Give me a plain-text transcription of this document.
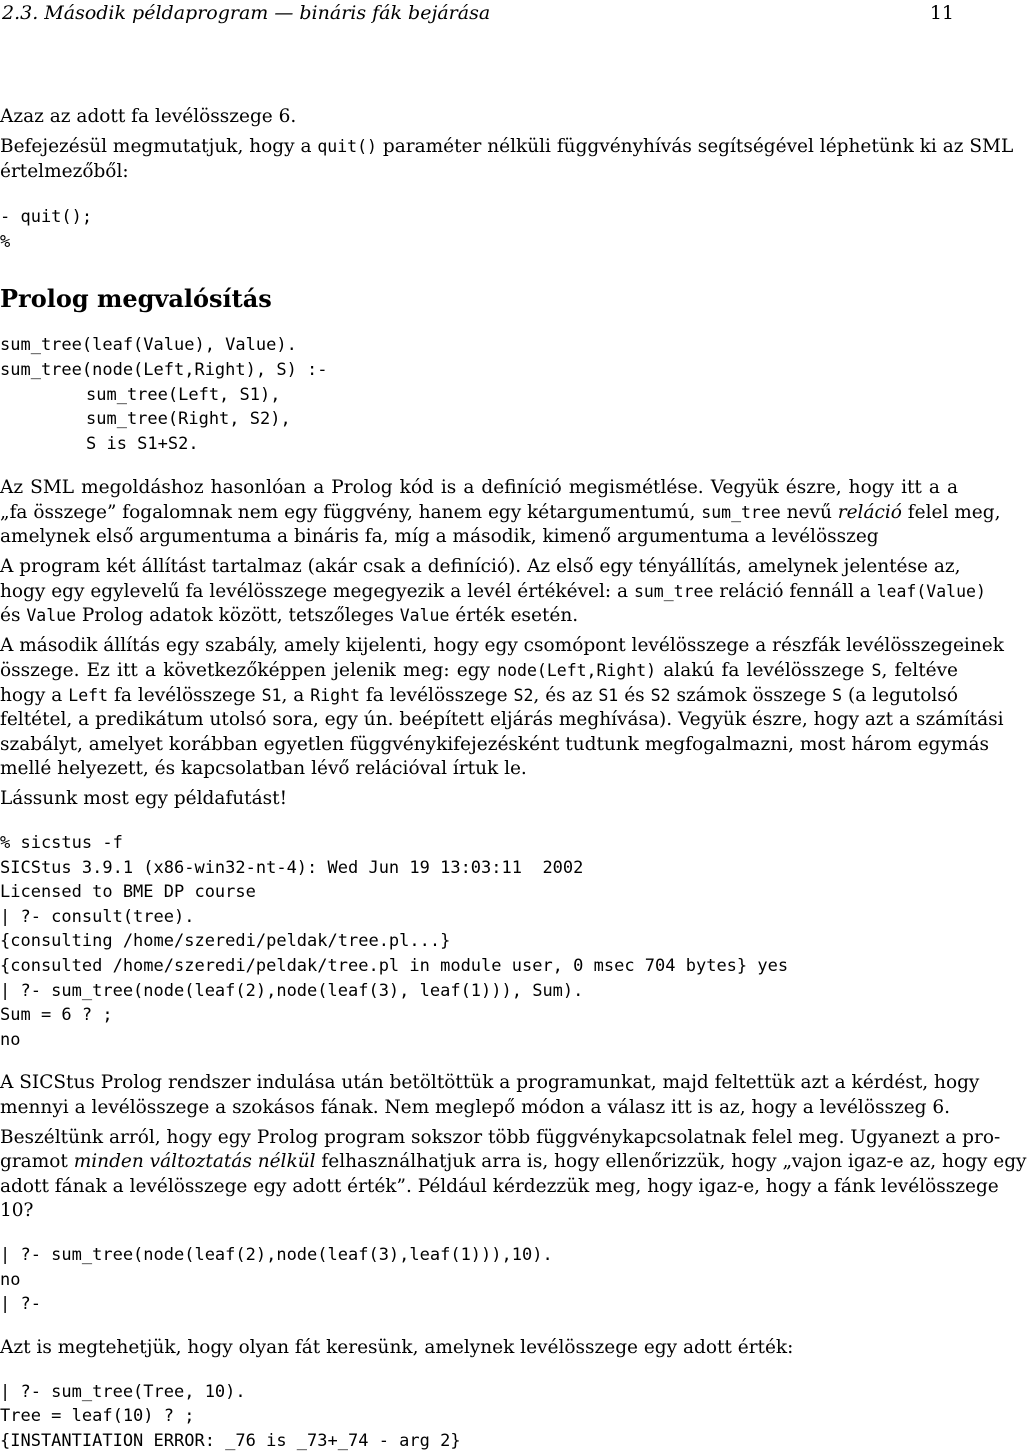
2.3. Második példaprogram — bináris fák bejárása	11
Azaz az adott fa levélösszege 6.
Befejezésül megmutatjuk, hogy a quit() paraméter nélküli függvényhívás segítségével léphetünk ki az SML
értelmezőből:
- quit();
%
Prolog megvalósítás
sum_tree(leaf(Value), Value).
sum_tree(node(Left,Right), S) :-
sum_tree(Left, S1),
sum_tree(Right, S2),
S is S1+S2.
Az SML megoldáshoz hasonlóan a Prolog kód is a definíció megismétlése. Vegyük észre, hogy itt a a
„fa összege” fogalomnak nem egy függvény, hanem egy kétargumentumú, sum_tree nevű reláció felel meg,
amelynek első argumentuma a bináris fa, míg a második, kimenő argumentuma a levélösszeg
A program két állítást tartalmaz (akár csak a definíció). Az első egy tényállítás, amelynek jelentése az,
hogy egy egylevelű fa levélösszege megegyezik a levél értékével: a sum_tree reláció fennáll a leaf(Value)
és Value Prolog adatok között, tetszőleges Value érték esetén.
A második állítás egy szabály, amely kijelenti, hogy egy csomópont levélösszege a részfák levélösszegeinek
összege. Ez itt a következőképpen jelenik meg: egy node(Left,Right) alakú fa levélösszege S, feltéve
hogy a Left fa levélösszege S1, a Right fa levélösszege S2, és az S1 és S2 számok összege S (a legutolsó
feltétel, a predikátum utolsó sora, egy ún. beépített eljárás meghívása). Vegyük észre, hogy azt a számítási
szabályt, amelyet korábban egyetlen függvénykifejezésként tudtunk megfogalmazni, most három egymás
mellé helyezett, és kapcsolatban lévő relációval írtuk le.
Lássunk most egy példafutást!
% sicstus -f
SICStus 3.9.1 (x86-win32-nt-4): Wed Jun 19 13:03:11  2002
Licensed to BME DP course
| ?- consult(tree).
{consulting /home/szeredi/peldak/tree.pl...}
{consulted /home/szeredi/peldak/tree.pl in module user, 0 msec 704 bytes} yes
| ?- sum_tree(node(leaf(2),node(leaf(3), leaf(1))), Sum).
Sum = 6 ? ;
no
A SICStus Prolog rendszer indulása után betöltöttük a programunkat, majd feltettük azt a kérdést, hogy
mennyi a levélösszege a szokásos fának. Nem meglepő módon a válasz itt is az, hogy a levélösszeg 6.
Beszéltünk arról, hogy egy Prolog program sokszor több függvénykapcsolatnak felel meg. Ugyanezt a pro-
gramot minden változtatás nélkül felhasználhatjuk arra is, hogy ellenőrizzük, hogy „vajon igaz-e az, hogy egy
adott fának a levélösszege egy adott érték”. Például kérdezzük meg, hogy igaz-e, hogy a fánk levélösszege
10?
| ?- sum_tree(node(leaf(2),node(leaf(3),leaf(1))),10).
no
| ?-
Azt is megtehetjük, hogy olyan fát keresünk, amelynek levélösszege egy adott érték:
| ?- sum_tree(Tree, 10).
Tree = leaf(10) ? ;
{INSTANTIATION ERROR: _76 is _73+_74 - arg 2}
